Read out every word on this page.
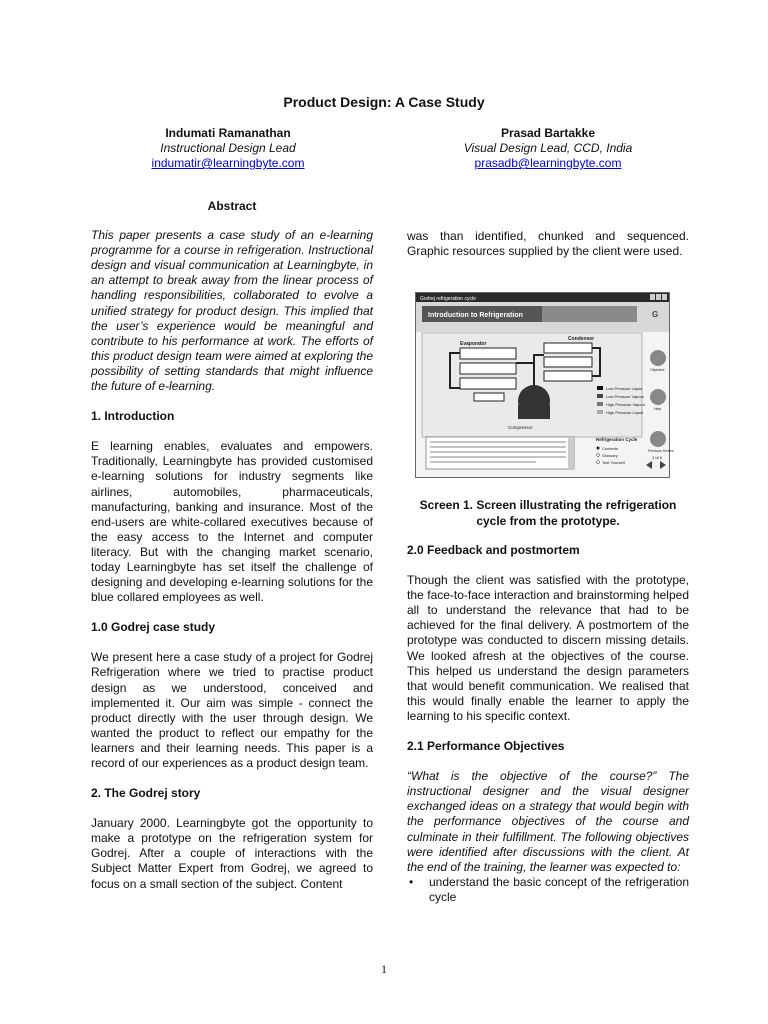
Product Design: A Case Study
Indumati Ramanathan
Instructional Design Lead
indumatir@learningbyte.com
Prasad Bartakke
Visual Design Lead, CCD, India
prasadb@learningbyte.com
Abstract

This paper presents a case study of an e-learning programme for a course in refrigeration. Instructional design and visual communication at Learningbyte, in an attempt to break away from the linear process of handling responsibilities, collaborated to evolve a unified strategy for product design. This implied that the user’s experience would be meaningful and contribute to his performance at work. The efforts of this product design team were aimed at exploring the possibility of setting standards that might influence the future of e-learning.

1. Introduction

E learning enables, evaluates and empowers. Traditionally, Learningbyte has provided customised e-learning solutions for industry segments like airlines, automobiles, pharmaceuticals, manufacturing, banking and insurance. Most of the end-users are white-collared executives because of the easy access to the Internet and computer literacy. But with the changing market scenario, today Learningbyte has set itself the challenge of designing and developing e-learning solutions for the blue collared employees as well.

1.0 Godrej case study

We present here a case study of a project for Godrej Refrigeration where we tried to practise product design as we understood, conceived and implemented it. Our aim was simple - connect the product directly with the user through design. We wanted the product to reflect our empathy for the learners and their learning needs. This paper is a record of our experiences as a product design team.

2. The Godrej story

January 2000. Learningbyte got the opportunity to make a prototype on the refrigeration system for Godrej. After a couple of interactions with the Subject Matter Expert from Godrej, we agreed to focus on a small section of the subject. Content

was than identified, chunked and sequenced. Graphic resources supplied by the client were used.

Godrej refrigeration cycle
Introduction to Refrigeration	G
Evaporator
Condenser
Compressor
Low Pressure Liquid
Low Pressure Vapour
High Pressure Vapour
High Pressure Liquid
Refrigeration Cycle
Contents
Glossary
Test Yourself
Objective
Help
Previous Screen
1 of 6
Screen 1. Screen illustrating the refrigeration cycle from the prototype.
2.0 Feedback and postmortem

Though the client was satisfied with the prototype, the face-to-face interaction and brainstorming helped all to understand the relevance that had to be achieved for the final delivery. A postmortem of the prototype was conducted to discern missing details. We looked afresh at the objectives of the course. This helped us understand the design parameters that would benefit communication. We realised that this would finally enable the learner to apply the learning to his specific context.

2.1 Performance Objectives

“What is the objective of the course?” The instructional designer and the visual designer exchanged ideas on a strategy that would begin with the performance objectives of the course and culminate in their fulfillment. The following objectives were identified after discussions with the client. At the end of the training, the learner was expected to:

• understand the basic concept of the refrigeration cycle
1
